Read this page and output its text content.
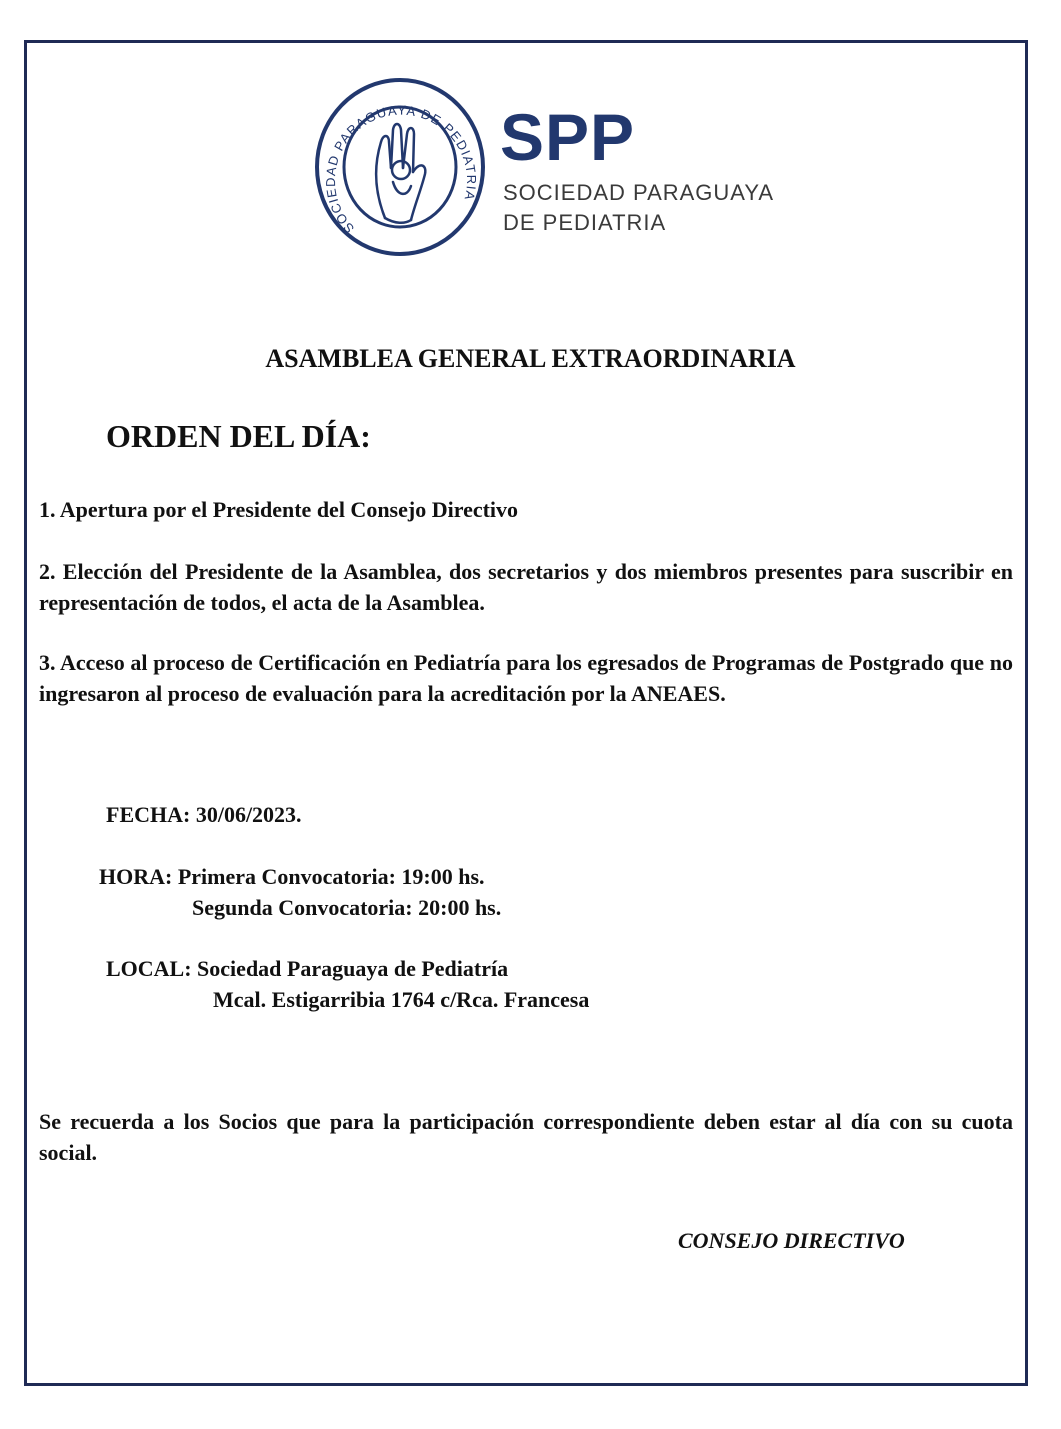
SOCIEDAD PARAGUAYA DE PEDIATRIA
SPP
SOCIEDAD PARAGUAYA
DE PEDIATRIA
ASAMBLEA GENERAL EXTRAORDINARIA
ORDEN DEL DÍA:

1. Apertura por el Presidente del Consejo Directivo

2. Elección del Presidente de la Asamblea, dos secretarios y dos miembros presentes para suscribir en representación de todos, el acta de la Asamblea.

3. Acceso al proceso de Certificación en Pediatría para los egresados de Programas de Postgrado que no ingresaron al proceso de evaluación para la acreditación por la ANEAES.

FECHA: 30/06/2023.
HORA: Primera Convocatoria: 19:00 hs.
Segunda Convocatoria: 20:00 hs.
LOCAL: Sociedad Paraguaya de Pediatría
Mcal. Estigarribia 1764 c/Rca. Francesa

Se recuerda a los Socios que para la participación correspondiente deben estar al día con su cuota social.

CONSEJO DIRECTIVO
